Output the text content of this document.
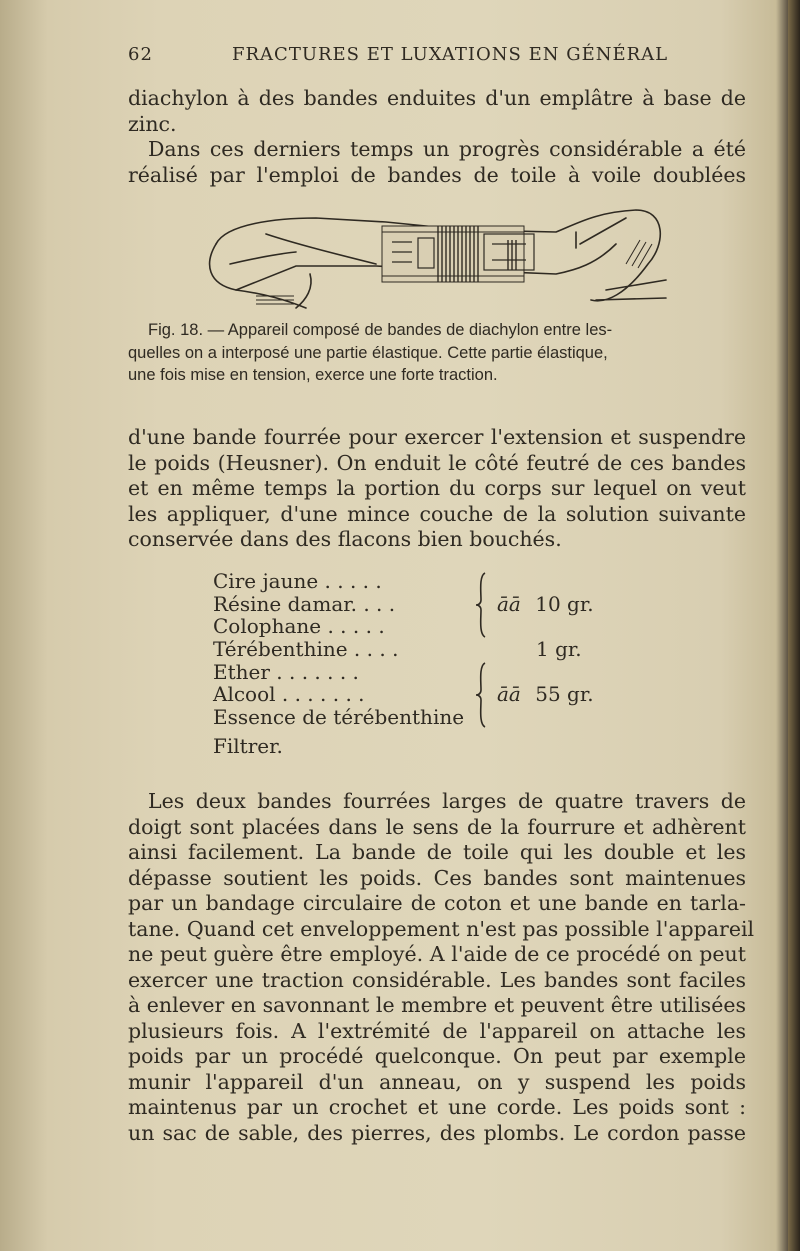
62	FRACTURES ET LUXATIONS EN GÉNÉRAL

diachylon à des bandes enduites d'un emplâtre à base de
zinc.

Dans ces derniers temps un progrès considérable a été
réalisé par l'emploi de bandes de toile à voile doublées

Fig. 18. — Appareil composé de bandes de diachylon entre les-
quelles on a interposé une partie élastique. Cette partie élastique,
une fois mise en tension, exerce une forte traction.

d'une bande fourrée pour exercer l'extension et suspendre
le poids (Heusner). On enduit le côté feutré de ces bandes
et en même temps la portion du corps sur lequel on veut
les appliquer, d'une mince couche de la solution suivante
conservée dans des flacons bien bouchés.

Cire jaune . . . . .
Résine damar. . . .
Colophane . . . . .
Térébenthine . . . .
Ether . . . . . . .
Alcool . . . . . . .
Essence de térébenthine
āā 10 gr.
1 gr.
āā 55 gr.
Filtrer.

Les deux bandes fourrées larges de quatre travers de
doigt sont placées dans le sens de la fourrure et adhèrent
ainsi facilement. La bande de toile qui les double et les
dépasse soutient les poids. Ces bandes sont maintenues
par un bandage circulaire de coton et une bande en tarla-
tane. Quand cet enveloppement n'est pas possible l'appareil
ne peut guère être employé. A l'aide de ce procédé on peut
exercer une traction considérable. Les bandes sont faciles
à enlever en savonnant le membre et peuvent être utilisées
plusieurs fois. A l'extrémité de l'appareil on attache les
poids par un procédé quelconque. On peut par exemple
munir l'appareil d'un anneau, on y suspend les poids
maintenus par un crochet et une corde. Les poids sont :
un sac de sable, des pierres, des plombs. Le cordon passe
